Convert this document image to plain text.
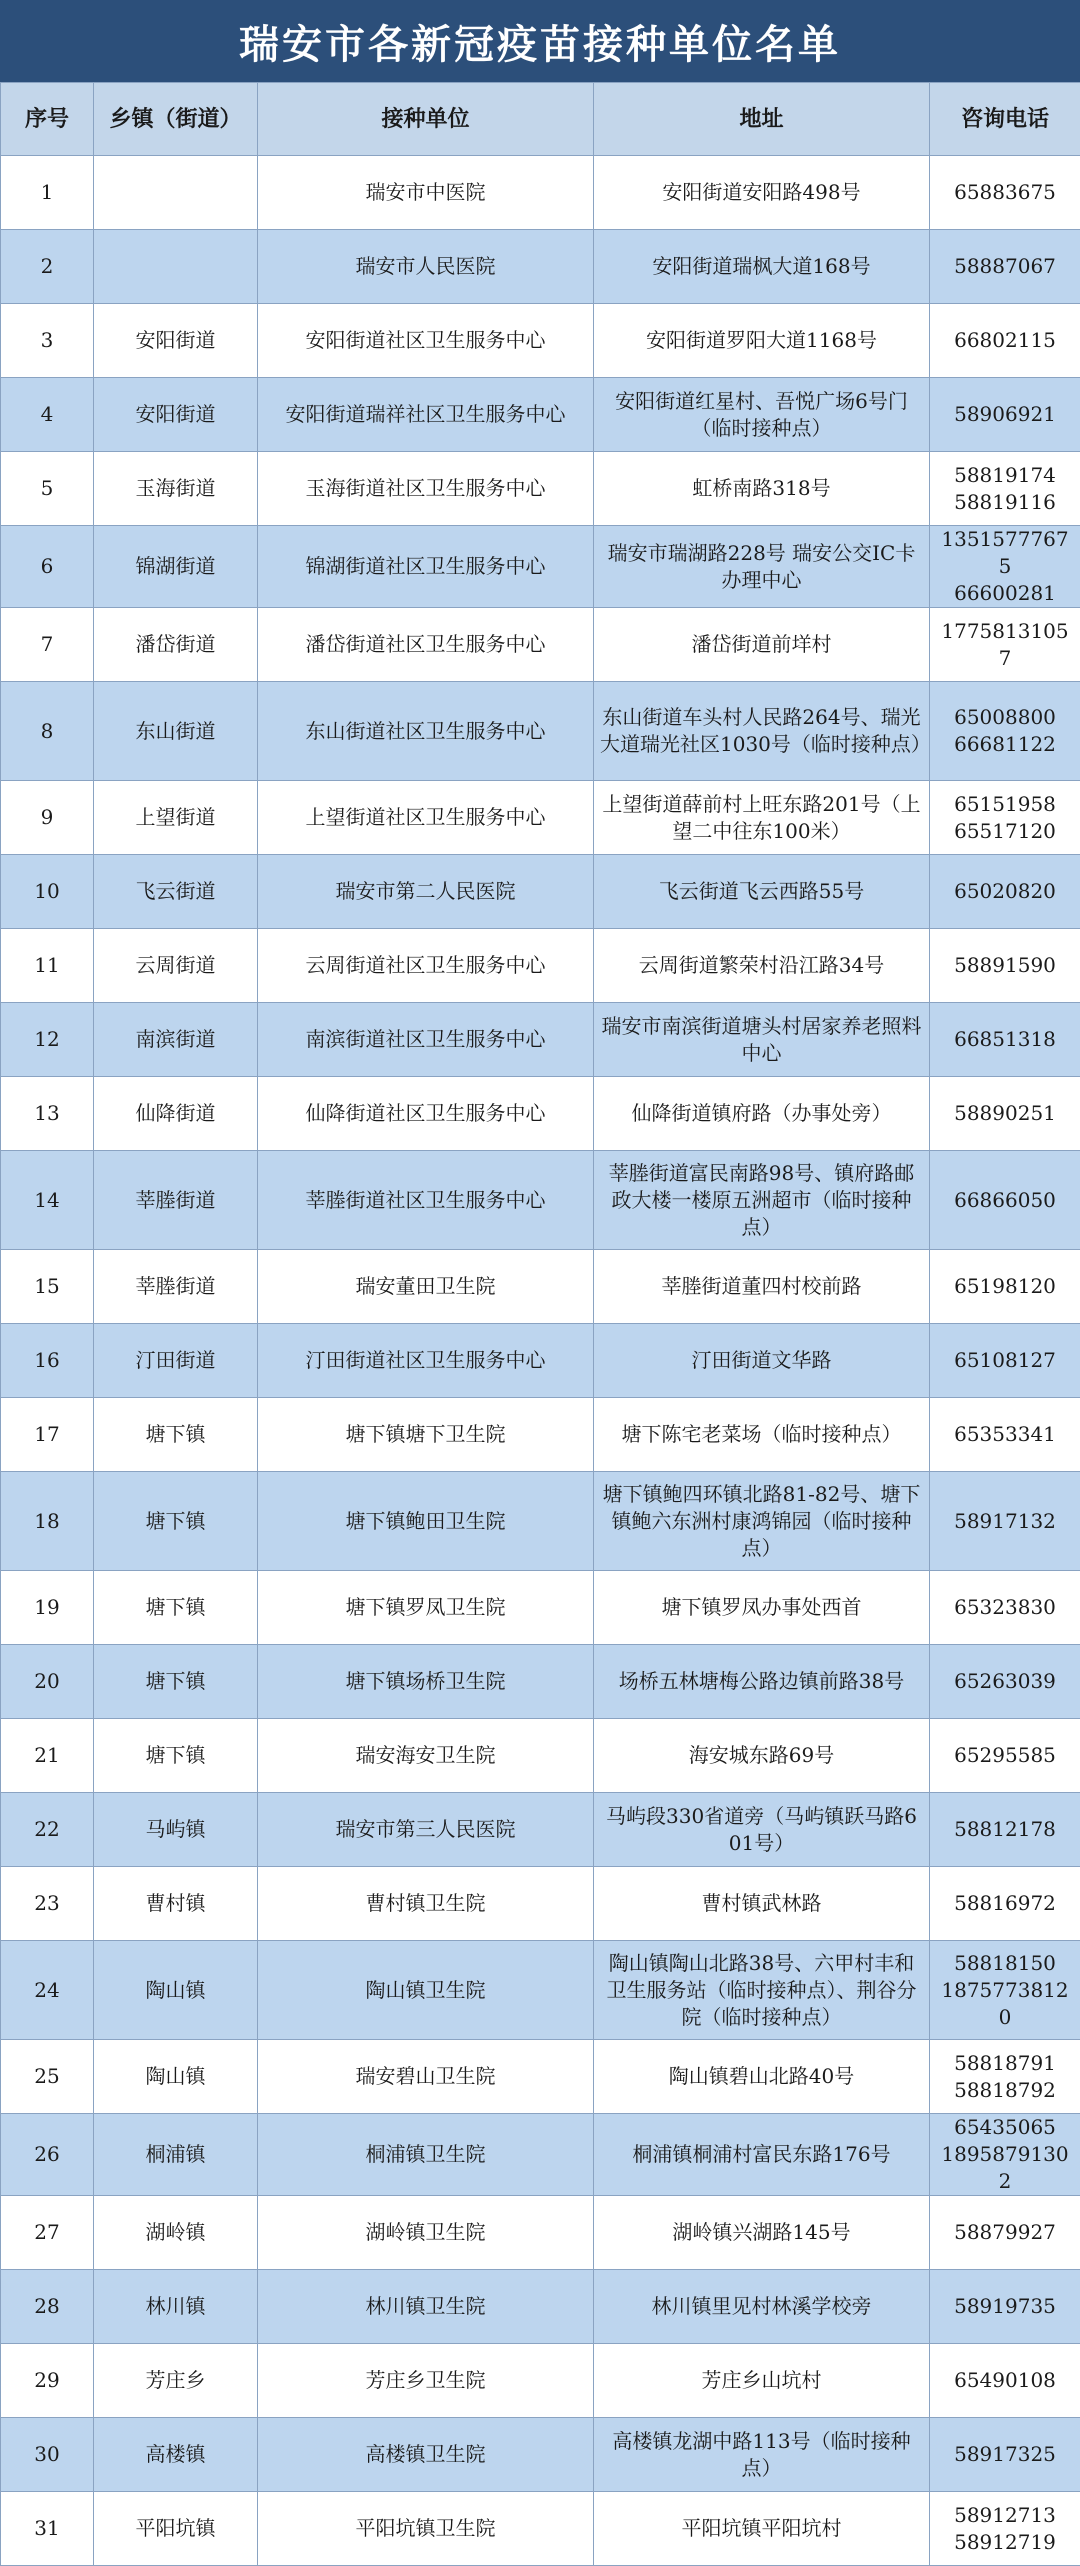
瑞安市各新冠疫苗接种单位名单
序号	乡镇（街道）	接种单位	地址	咨询电话
1		瑞安市中医院	安阳街道安阳路498号	65883675

2		瑞安市人民医院	安阳街道瑞枫大道168号	58887067

3	安阳街道	安阳街道社区卫生服务中心	安阳街道罗阳大道1168号	66802115

4	安阳街道	安阳街道瑞祥社区卫生服务中心	安阳街道红星村、吾悦广场6号门（临时接种点）	58906921

5	玉海街道	玉海街道社区卫生服务中心	虹桥南路318号	58819174
58819116

6	锦湖街道	锦湖街道社区卫生服务中心	瑞安市瑞湖路228号 瑞安公交IC卡办理中心	13515777675
66600281

7	潘岱街道	潘岱街道社区卫生服务中心	潘岱街道前垟村	17758131057

8	东山街道	东山街道社区卫生服务中心	东山街道车头村人民路264号、瑞光大道瑞光社区1030号（临时接种点）	65008800
66681122

9	上望街道	上望街道社区卫生服务中心	上望街道薛前村上旺东路201号（上望二中往东100米）	65151958
65517120

10	飞云街道	瑞安市第二人民医院	飞云街道飞云西路55号	65020820

11	云周街道	云周街道社区卫生服务中心	云周街道繁荣村沿江路34号	58891590

12	南滨街道	南滨街道社区卫生服务中心	瑞安市南滨街道塘头村居家养老照料中心	66851318

13	仙降街道	仙降街道社区卫生服务中心	仙降街道镇府路（办事处旁）	58890251

14	莘塍街道	莘塍街道社区卫生服务中心	莘塍街道富民南路98号、镇府路邮政大楼一楼原五洲超市（临时接种点）	66866050

15	莘塍街道	瑞安董田卫生院	莘塍街道董四村校前路	65198120

16	汀田街道	汀田街道社区卫生服务中心	汀田街道文华路	65108127

17	塘下镇	塘下镇塘下卫生院	塘下陈宅老菜场（临时接种点）	65353341

18	塘下镇	塘下镇鲍田卫生院	塘下镇鲍四环镇北路81-82号、塘下镇鲍六东洲村康鸿锦园（临时接种点）	58917132

19	塘下镇	塘下镇罗凤卫生院	塘下镇罗凤办事处西首	65323830

20	塘下镇	塘下镇场桥卫生院	场桥五林塘梅公路边镇前路38号	65263039

21	塘下镇	瑞安海安卫生院	海安城东路69号	65295585

22	马屿镇	瑞安市第三人民医院	马屿段330省道旁（马屿镇跃马路601号）	58812178

23	曹村镇	曹村镇卫生院	曹村镇武林路	58816972

24	陶山镇	陶山镇卫生院	陶山镇陶山北路38号、六甲村丰和卫生服务站（临时接种点）、荆谷分院（临时接种点）	58818150
18757738120

25	陶山镇	瑞安碧山卫生院	陶山镇碧山北路40号	58818791
58818792

26	桐浦镇	桐浦镇卫生院	桐浦镇桐浦村富民东路176号	65435065
18958791302

27	湖岭镇	湖岭镇卫生院	湖岭镇兴湖路145号	58879927

28	林川镇	林川镇卫生院	林川镇里见村林溪学校旁	58919735

29	芳庄乡	芳庄乡卫生院	芳庄乡山坑村	65490108

30	高楼镇	高楼镇卫生院	高楼镇龙湖中路113号（临时接种点）	58917325

31	平阳坑镇	平阳坑镇卫生院	平阳坑镇平阳坑村	58912713
58912719
